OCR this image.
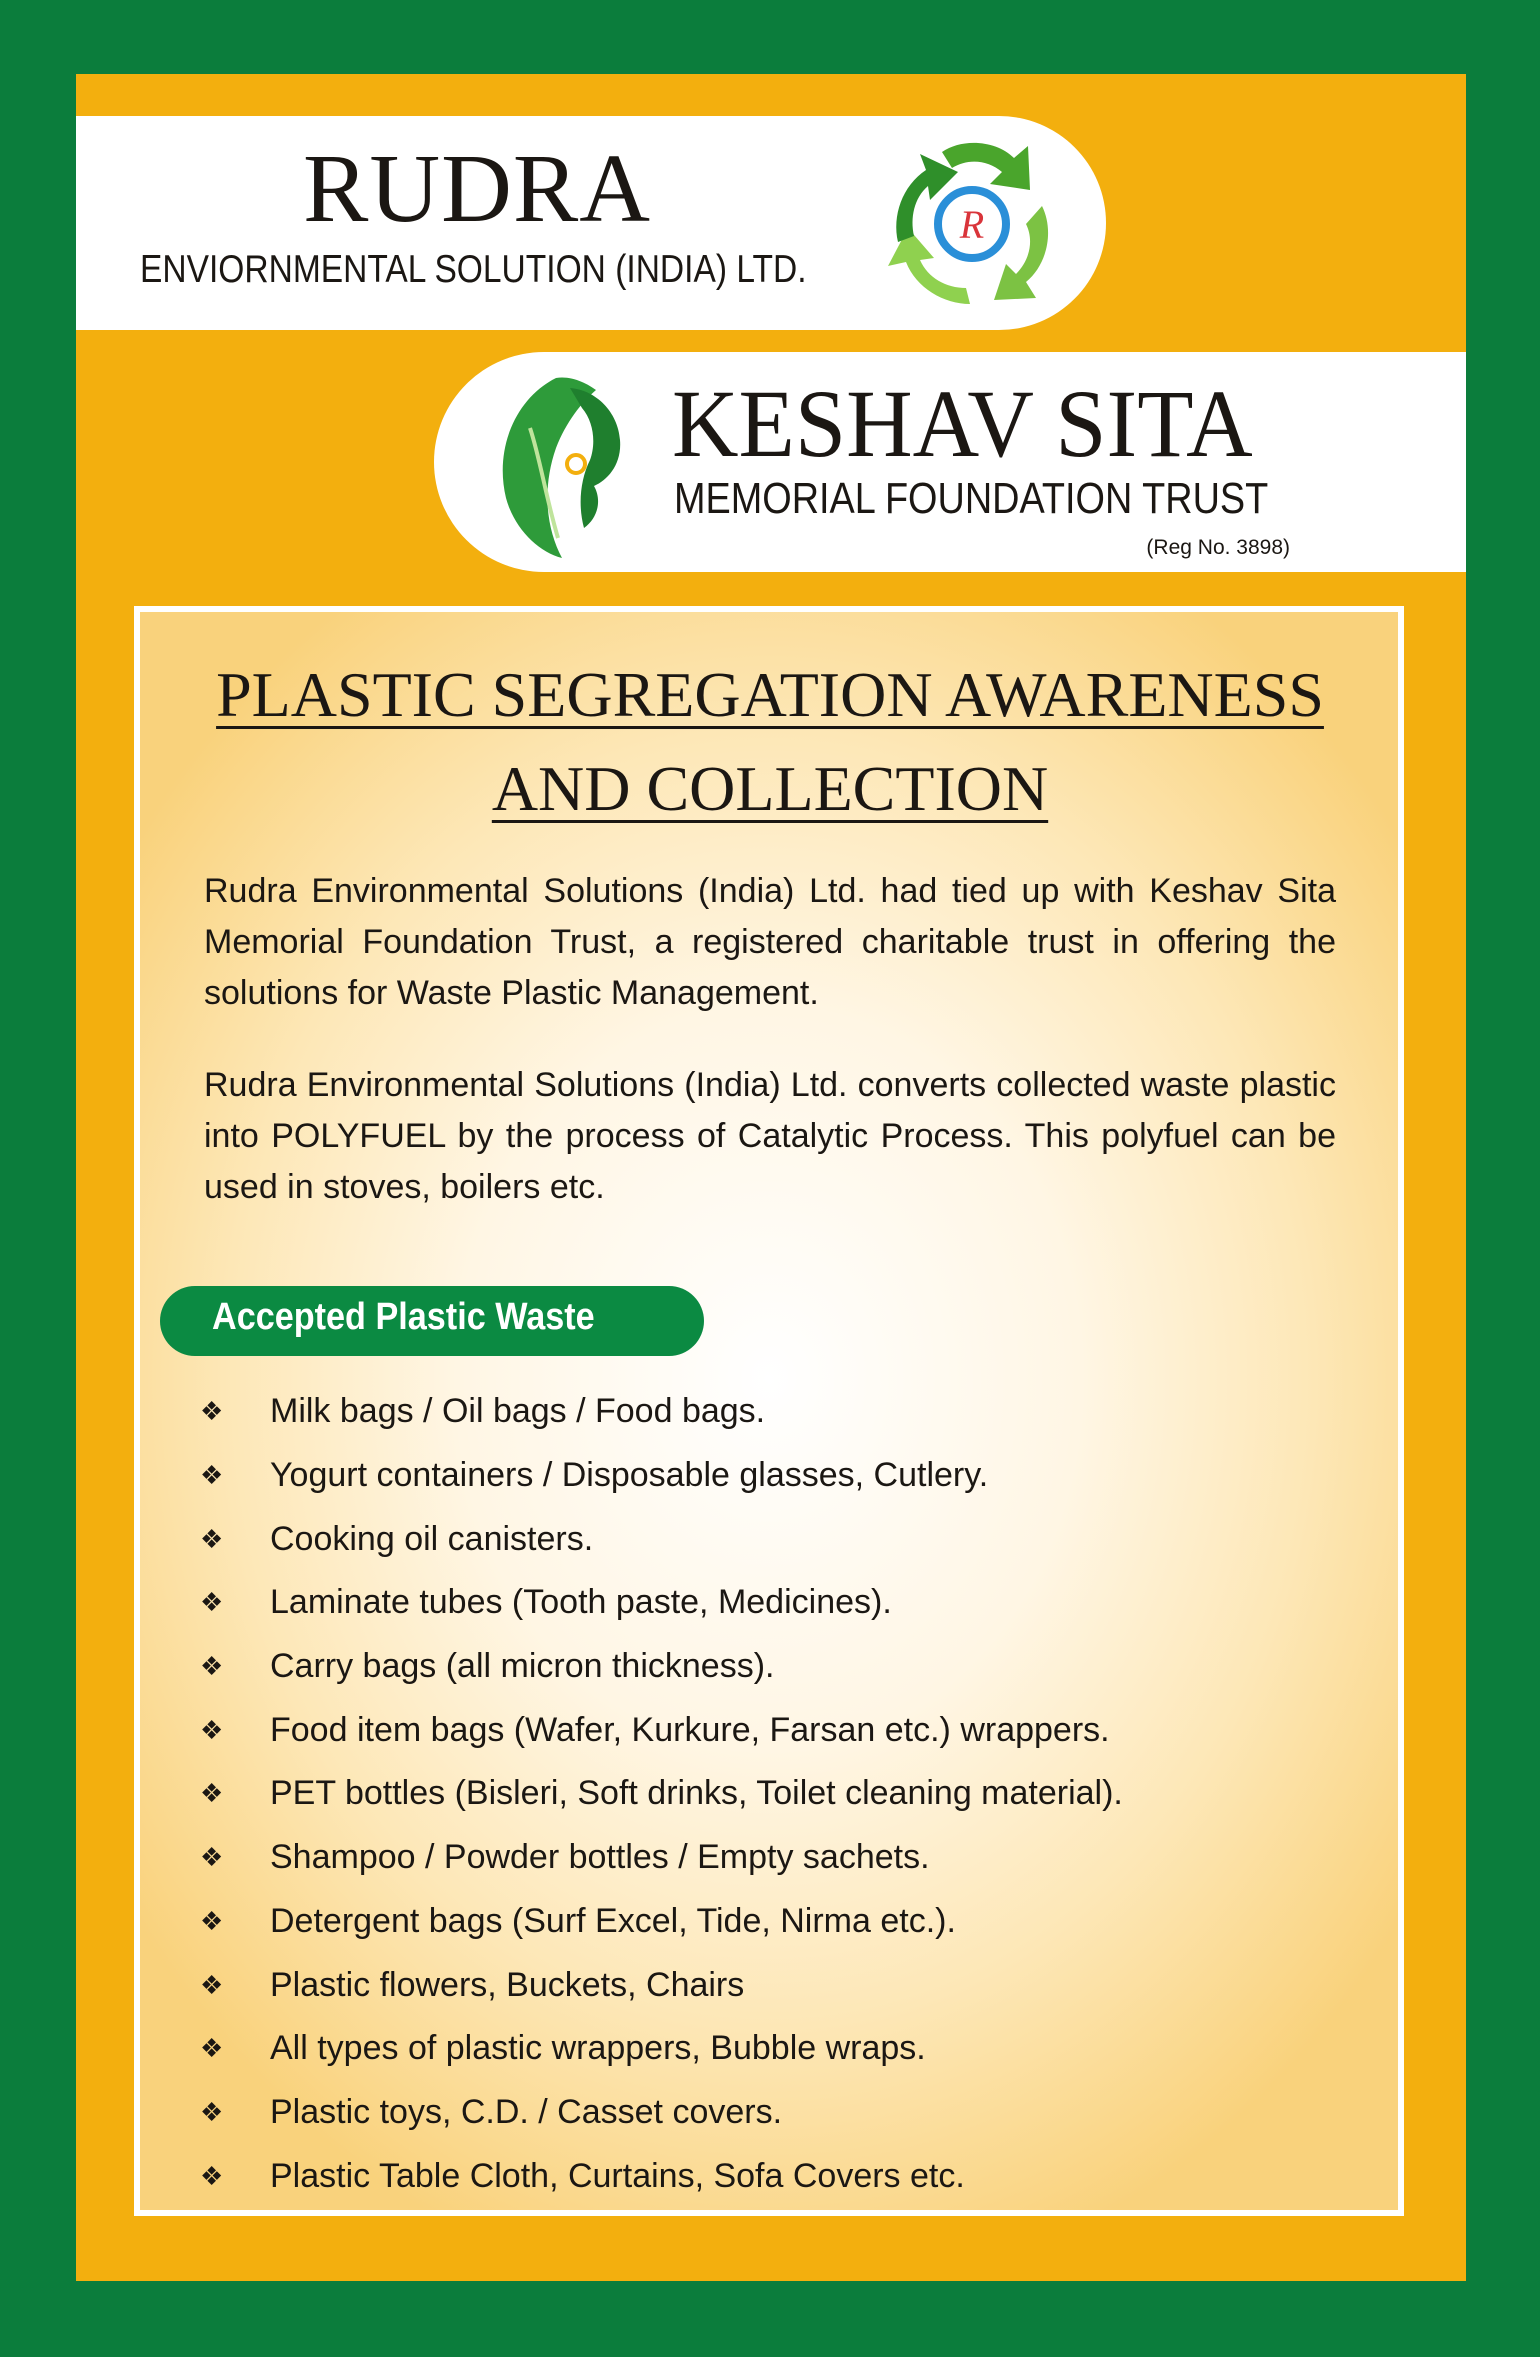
RUDRA
ENVIORNMENTAL SOLUTION (INDIA) LTD.
R
KESHAV SITA
MEMORIAL FOUNDATION TRUST
(Reg No. 3898)
PLASTIC SEGREGATION AWARENESS
AND COLLECTION
Rudra Environmental Solutions (India) Ltd. had tied up with Keshav Sita Memorial Foundation Trust, a registered charitable trust in offering the solutions for Waste Plastic Management.
Rudra Environmental Solutions (India) Ltd. converts collected waste plastic into POLYFUEL by the process of Catalytic Process. This polyfuel can be used in stoves, boilers etc.
Accepted Plastic Waste
❖	Milk bags / Oil bags / Food bags.
❖	Yogurt containers / Disposable glasses, Cutlery.
❖	Cooking oil canisters.
❖	Laminate tubes (Tooth paste, Medicines).
❖	Carry bags (all micron thickness).
❖	Food item bags (Wafer, Kurkure, Farsan etc.) wrappers.
❖	PET bottles (Bisleri, Soft drinks, Toilet cleaning material).
❖	Shampoo / Powder bottles / Empty sachets.
❖	Detergent bags (Surf Excel, Tide, Nirma etc.).
❖	Plastic flowers, Buckets, Chairs
❖	All types of plastic wrappers, Bubble wraps.
❖	Plastic toys, C.D. / Casset covers.
❖	Plastic Table Cloth, Curtains, Sofa Covers etc.
